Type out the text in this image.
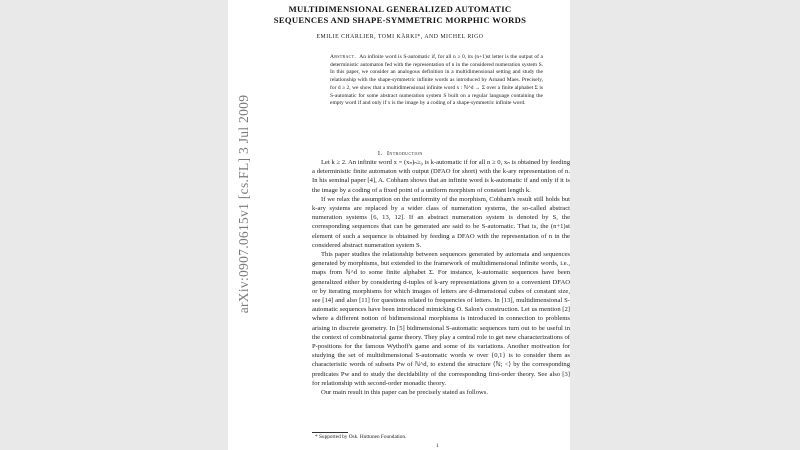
arXiv:0907.0615v1 [cs.FL] 3 Jul 2009
MULTIDIMENSIONAL GENERALIZED AUTOMATIC
SEQUENCES AND SHAPE-SYMMETRIC MORPHIC WORDS
EMILIE CHARLIER, TOMI KÄRKI*, AND MICHEL RIGO

Abstract. An infinite word is S-automatic if, for all n ≥ 0, its (n+1)st letter is the output of a deterministic automaton fed with the representation of n in the considered numeration system S. In this paper, we consider an analogous definition in a multidimensional setting and study the relationship with the shape-symmetric infinite words as introduced by Arnaud Maes. Precisely, for d ≥ 2, we show that a multidimensional infinite word x : ℕ^d → Σ over a finite alphabet Σ is S-automatic for some abstract numeration system S built on a regular language containing the empty word if and only if x is the image by a coding of a shape-symmetric infinite word.

1. Introduction

Let k ≥ 2. An infinite word x = (xₙ)ₙ≥₀ is k-automatic if for all n ≥ 0, xₙ is obtained by feeding a deterministic finite automaton with output (DFAO for short) with the k-ary representation of n. In his seminal paper [4], A. Cobham shows that an infinite word is k-automatic if and only if it is the image by a coding of a fixed point of a uniform morphism of constant length k.

If we relax the assumption on the uniformity of the morphism, Cobham's result still holds but k-ary systems are replaced by a wider class of numeration systems, the so-called abstract numeration systems [6, 13, 12]. If an abstract numeration system is denoted by S, the corresponding sequences that can be generated are said to be S-automatic. That is, the (n+1)st element of such a sequence is obtained by feeding a DFAO with the representation of n in the considered abstract numeration system S.

This paper studies the relationship between sequences generated by automata and sequences generated by morphisms, but extended to the framework of multidimensional infinite words, i.e., maps from ℕ^d to some finite alphabet Σ. For instance, k-automatic sequences have been generalized either by considering d-tuples of k-ary representations given to a convenient DFAO or by iterating morphisms for which images of letters are d-dimensional cubes of constant size, see [14] and also [11] for questions related to frequencies of letters. In [13], multidimensional S-automatic sequences have been introduced mimicking O. Salon's construction. Let us mention [2] where a different notion of bidimensional morphisms is introduced in connection to problems arising in discrete geometry. In [5] bidimensional S-automatic sequences turn out to be useful in the context of combinatorial game theory. They play a central role to get new characterizations of P-positions for the famous Wythoff's game and some of its variations. Another motivation for studying the set of multidimensional S-automatic words w over {0,1} is to consider them as characteristic words of subsets Pw of ℕ^d, to extend the structure ⟨ℕ; <⟩ by the corresponding predicates Pw and to study the decidability of the corresponding first-order theory. See also [3] for relationship with second-order monadic theory.

Our main result in this paper can be precisely stated as follows.

* Supported by Osk. Huttunen Foundation.
1
